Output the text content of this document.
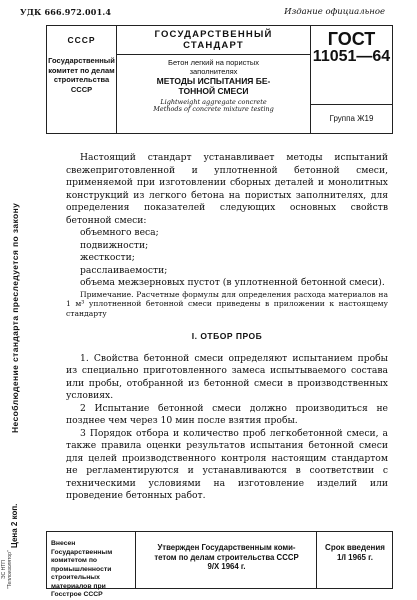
УДК 666.972.001.4	Издание официальное
СССР
Государственный
комитет по делам
строительства
СССР
ГОСУДАРСТВЕННЫЙ
СТАНДАРТ
Бетон легкий на пористых
заполнителях
МЕТОДЫ ИСПЫТАНИЯ БЕ-
ТОННОЙ СМЕСИ
Lightweight aggregate concrete
Methods of concrete mixture testing
ГОСТ
11051—64
Группа Ж19
Несоблюдение стандарта преследуется по закону
Цена 2 коп.
ЭС НТП "Теплоизолятор"

Настоящий стандарт устанавливает методы испытаний свежеприготовленной и уплотненной бетонной смеси, применяемой при изготовлении сборных деталей и монолитных конструкций из легкого бетона на пористых заполнителях, для определения показателей следующих основных свойств бетонной смеси:

объемного веса;
подвижности;
жесткости;
расслаиваемости;
объема межзерновых пустот (в уплотненной бетонной смеси).

Примечание. Расчетные формулы для определения расхода материалов на 1 м³ уплотненной бетонной смеси приведены в приложении к настоящему стандарту

I. ОТБОР ПРОБ

1. Свойства бетонной смеси определяют испытанием пробы из специально приготовленного замеса испытываемого состава или пробы, отобранной из бетонной смеси в производственных условиях.

2 Испытание бетонной смеси должно производиться не позднее чем через 10 мин после взятия пробы.

3 Порядок отбора и количество проб легкобетонной смеси, а также правила оценки результатов испытания бетонной смеси для целей производственного контроля настоящим стандартом не регламентируются и устанавливаются в соответствии с техническими условиями на изготовление изделий или проведение бетонных работ.

Внесен Государственным комитетом по промышленности строительных материалов при Госстрое СССР
Утвержден Государственным коми-
тетом по делам строительства СССР
9/X 1964 г.
Срок введения
1/I 1965 г.
